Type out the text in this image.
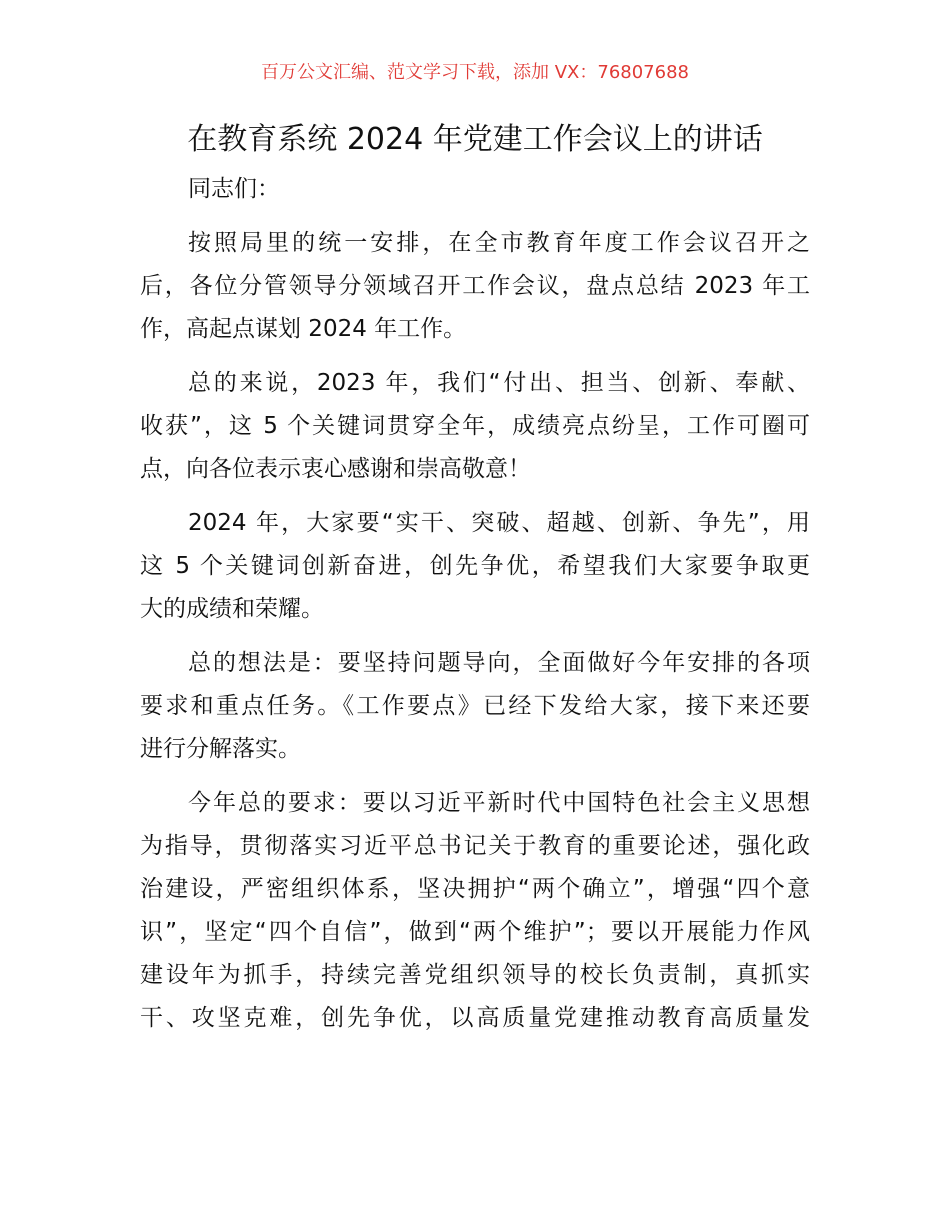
百万公文汇编、范文学习下载，添加 VX：76807688
在教育系统 2024 年党建工作会议上的讲话
同志们：
按照局里的统一安排，在全市教育年度工作会议召开之
后，各位分管领导分领域召开工作会议，盘点总结 2023 年工
作，高起点谋划 2024 年工作。
总的来说，2023 年，我们“付出、担当、创新、奉献、
收获”，这 5 个关键词贯穿全年，成绩亮点纷呈，工作可圈可
点，向各位表示衷心感谢和崇高敬意！
2024 年，大家要“实干、突破、超越、创新、争先”，用
这 5 个关键词创新奋进，创先争优，希望我们大家要争取更
大的成绩和荣耀。
总的想法是：要坚持问题导向，全面做好今年安排的各项
要求和重点任务。《工作要点》已经下发给大家，接下来还要
进行分解落实。
今年总的要求：要以习近平新时代中国特色社会主义思想
为指导，贯彻落实习近平总书记关于教育的重要论述，强化政
治建设，严密组织体系，坚决拥护“两个确立”，增强“四个意
识”，坚定“四个自信”，做到“两个维护”；要以开展能力作风
建设年为抓手，持续完善党组织领导的校长负责制，真抓实
干、攻坚克难，创先争优，以高质量党建推动教育高质量发
